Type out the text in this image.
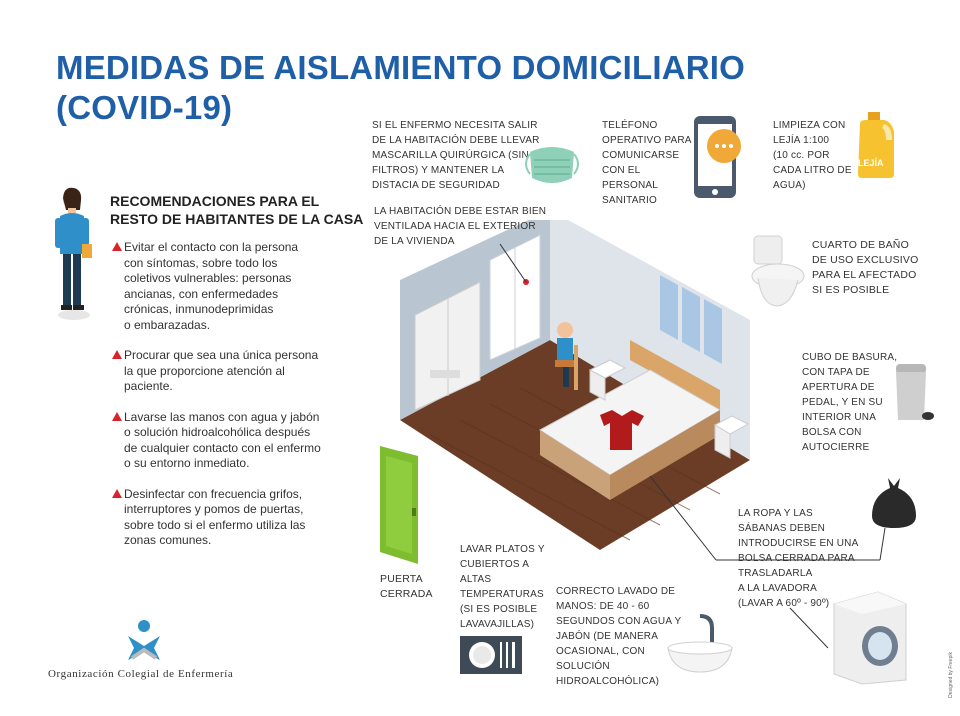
MEDIDAS DE AISLAMIENTO DOMICILIARIO
(COVID-19)
RECOMENDACIONES PARA EL
RESTO DE HABITANTES DE LA CASA
Evitar el contacto con la persona
con síntomas, sobre todo los
coletivos vulnerables: personas
ancianas, con enfermedades
crónicas, inmunodeprimidas
o embarazadas.
Procurar que sea una única persona
la que proporcione atención al
paciente.
Lavarse las manos con agua y jabón
o solución hidroalcohólica después
de cualquier contacto con el enfermo
o su entorno inmediato.
Desinfectar con frecuencia grifos,
interruptores y pomos de puertas,
sobre todo si el enfermo utiliza las
zonas comunes.
SI EL ENFERMO NECESITA SALIR
DE LA HABITACIÓN DEBE LLEVAR
MASCARILLA QUIRÚRGICA (SIN
FILTROS) Y MANTENER LA
DISTACIA DE SEGURIDAD
TELÉFONO
OPERATIVO PARA
COMUNICARSE
CON EL
PERSONAL
SANITARIO
LIMPIEZA CON
LEJÍA 1:100
(10 cc. POR
CADA LITRO DE
AGUA)
LEJÍA
LA HABITACIÓN DEBE ESTAR BIEN
VENTILADA HACIA EL EXTERIOR
DE LA VIVIENDA	CUARTO DE BAÑO
DE USO EXCLUSIVO
PARA EL AFECTADO
SI ES POSIBLE
CUBO DE BASURA,
CON TAPA DE
APERTURA DE
PEDAL, Y EN SU
INTERIOR UNA
BOLSA CON
AUTOCIERRE
LA ROPA Y LAS
SÁBANAS DEBEN
INTRODUCIRSE EN UNA
BOLSA CERRADA PARA
TRASLADARLA
A LA LAVADORA
(LAVAR A 60º - 90º)
PUERTA
CERRADA
LAVAR PLATOS Y
CUBIERTOS A
ALTAS
TEMPERATURAS
(SI ES POSIBLE
LAVAVAJILLAS)
CORRECTO LAVADO DE
MANOS: DE 40 - 60
SEGUNDOS CON AGUA Y
JABÓN (DE MANERA
OCASIONAL, CON
SOLUCIÓN
HIDROALCOHÓLICA)
Organización Colegial de Enfermería	Designed by Freepik
